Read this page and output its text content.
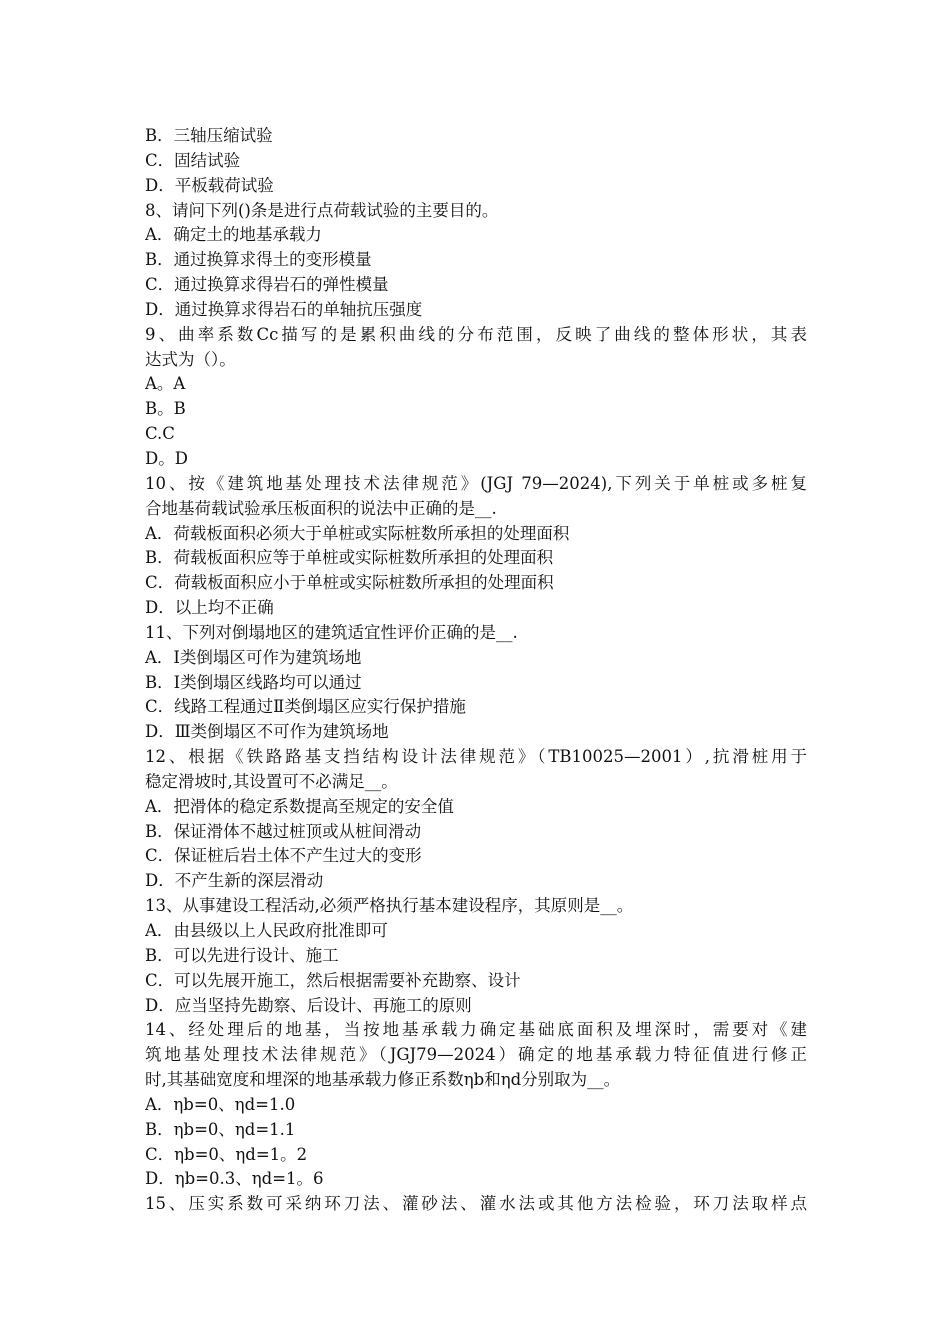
B．三轴压缩试验
C．固结试验
D．平板载荷试验
8、请问下列()条是进行点荷载试验的主要目的。
A．确定土的地基承载力
B．通过换算求得土的变形模量
C．通过换算求得岩石的弹性模量
D．通过换算求得岩石的单轴抗压强度
9、曲率系数Cc描写的是累积曲线的分布范围，反映了曲线的整体形状，其表
达式为（）。
A。A
B。B
C.C
D。D
10、按《建筑地基处理技术法律规范》(JGJ 79—2024),下列关于单桩或多桩复
合地基荷载试验承压板面积的说法中正确的是__.
A．荷载板面积必须大于单桩或实际桩数所承担的处理面积
B．荷载板面积应等于单桩或实际桩数所承担的处理面积
C．荷载板面积应小于单桩或实际桩数所承担的处理面积
D．以上均不正确
11、下列对倒塌地区的建筑适宜性评价正确的是__.
A．Ⅰ类倒塌区可作为建筑场地
B．Ⅰ类倒塌区线路均可以通过
C．线路工程通过Ⅱ类倒塌区应实行保护措施
D．Ⅲ类倒塌区不可作为建筑场地
12、根据《铁路路基支挡结构设计法律规范》（TB10025—2001）,抗滑桩用于
稳定滑坡时,其设置可不必满足__。
A．把滑体的稳定系数提高至规定的安全值
B．保证滑体不越过桩顶或从桩间滑动
C．保证桩后岩土体不产生过大的变形
D．不产生新的深层滑动
13、从事建设工程活动,必须严格执行基本建设程序，其原则是__。
A．由县级以上人民政府批准即可
B．可以先进行设计、施工
C．可以先展开施工，然后根据需要补充勘察、设计
D．应当坚持先勘察、后设计、再施工的原则
14、经处理后的地基，当按地基承载力确定基础底面积及埋深时，需要对《建
筑地基处理技术法律规范》（JGJ79—2024）确定的地基承载力特征值进行修正
时,其基础宽度和埋深的地基承载力修正系数ηb和ηd分别取为__。
A．ηb=0、ηd=1.0
B．ηb=0、ηd=1.1
C．ηb=0、ηd=1。2
D．ηb=0.3、ηd=1。6
15、压实系数可采纳环刀法、灌砂法、灌水法或其他方法检验，环刀法取样点
